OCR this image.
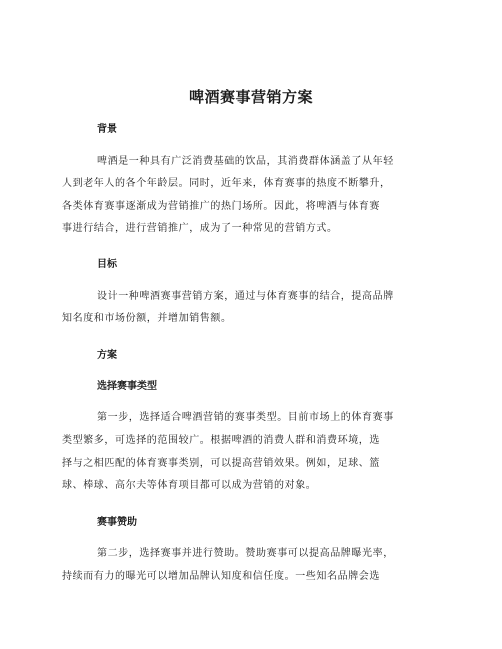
啤酒赛事营销方案
背景
啤酒是一种具有广泛消费基础的饮品，其消费群体涵盖了从年轻
人到老年人的各个年龄层。同时，近年来，体育赛事的热度不断攀升，
各类体育赛事逐渐成为营销推广的热门场所。因此，将啤酒与体育赛
事进行结合，进行营销推广，成为了一种常见的营销方式。
目标
设计一种啤酒赛事营销方案，通过与体育赛事的结合，提高品牌
知名度和市场份额，并增加销售额。
方案
选择赛事类型
第一步，选择适合啤酒营销的赛事类型。目前市场上的体育赛事
类型繁多，可选择的范围较广。根据啤酒的消费人群和消费环境，选
择与之相匹配的体育赛事类别，可以提高营销效果。例如，足球、篮
球、棒球、高尔夫等体育项目都可以成为营销的对象。
赛事赞助
第二步，选择赛事并进行赞助。赞助赛事可以提高品牌曝光率，
持续而有力的曝光可以增加品牌认知度和信任度。一些知名品牌会选
